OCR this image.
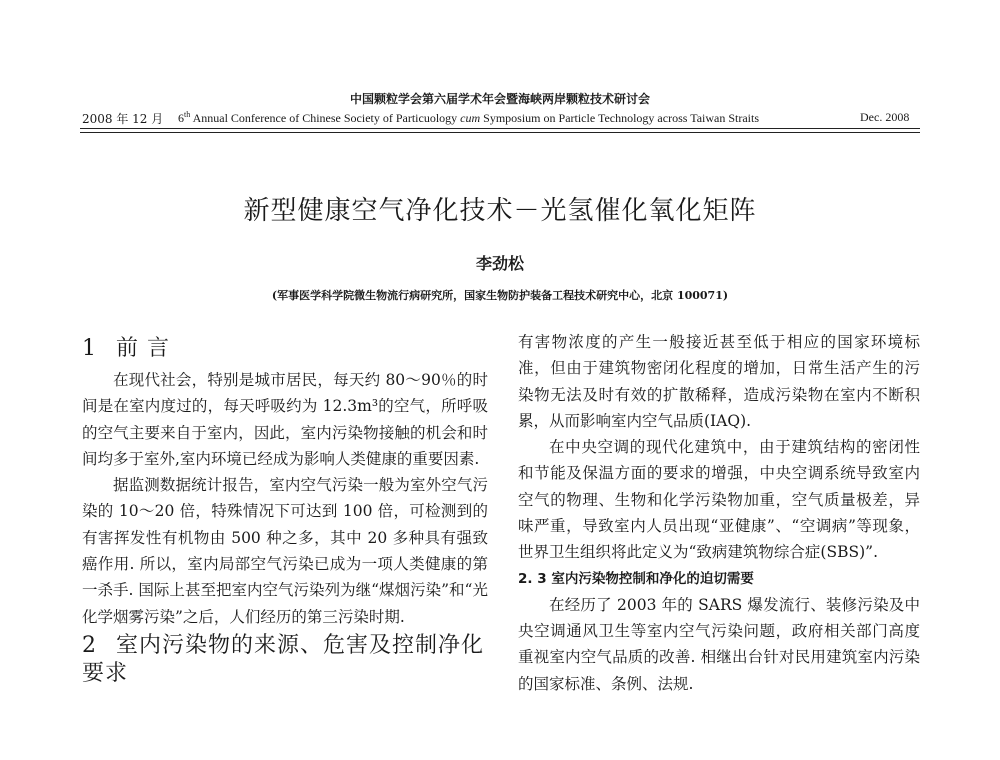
中国颗粒学会第六届学术年会暨海峡两岸颗粒技术研讨会
2008 年 12 月 6th Annual Conference of Chinese Society of Particuology cum Symposium on Particle Technology across Taiwan Straits	Dec. 2008
新型健康空气净化技术－光氢催化氧化矩阵
李劲松
(军事医学科学院微生物流行病研究所，国家生物防护装备工程技术研究中心，北京 100071)
1 前 言
在现代社会，特别是城市居民，每天约 80～90％的时间是在室内度过的，每天呼吸约为 12.3m³的空气，所呼吸的空气主要来自于室内，因此，室内污染物接触的机会和时间均多于室外,室内环境已经成为影响人类健康的重要因素.
据监测数据统计报告，室内空气污染一般为室外空气污染的 10～20 倍，特殊情况下可达到 100 倍，可检测到的有害挥发性有机物由 500 种之多，其中 20 多种具有强致癌作用. 所以，室内局部空气污染已成为一项人类健康的第一杀手. 国际上甚至把室内空气污染列为继“煤烟污染”和“光化学烟雾污染”之后，人们经历的第三污染时期.
2 室内污染物的来源、危害及控制净化要求
有害物浓度的产生一般接近甚至低于相应的国家环境标准，但由于建筑物密闭化程度的增加，日常生活产生的污染物无法及时有效的扩散稀释，造成污染物在室内不断积累，从而影响室内空气品质(IAQ).
在中央空调的现代化建筑中，由于建筑结构的密闭性和节能及保温方面的要求的增强，中央空调系统导致室内空气的物理、生物和化学污染物加重，空气质量极差，异味严重，导致室内人员出现“亚健康”、“空调病”等现象，世界卫生组织将此定义为“致病建筑物综合症(SBS)”.
2. 3 室内污染物控制和净化的迫切需要
在经历了 2003 年的 SARS 爆发流行、装修污染及中央空调通风卫生等室内空气污染问题，政府相关部门高度重视室内空气品质的改善. 相继出台针对民用建筑室内污染的国家标准、条例、法规.
